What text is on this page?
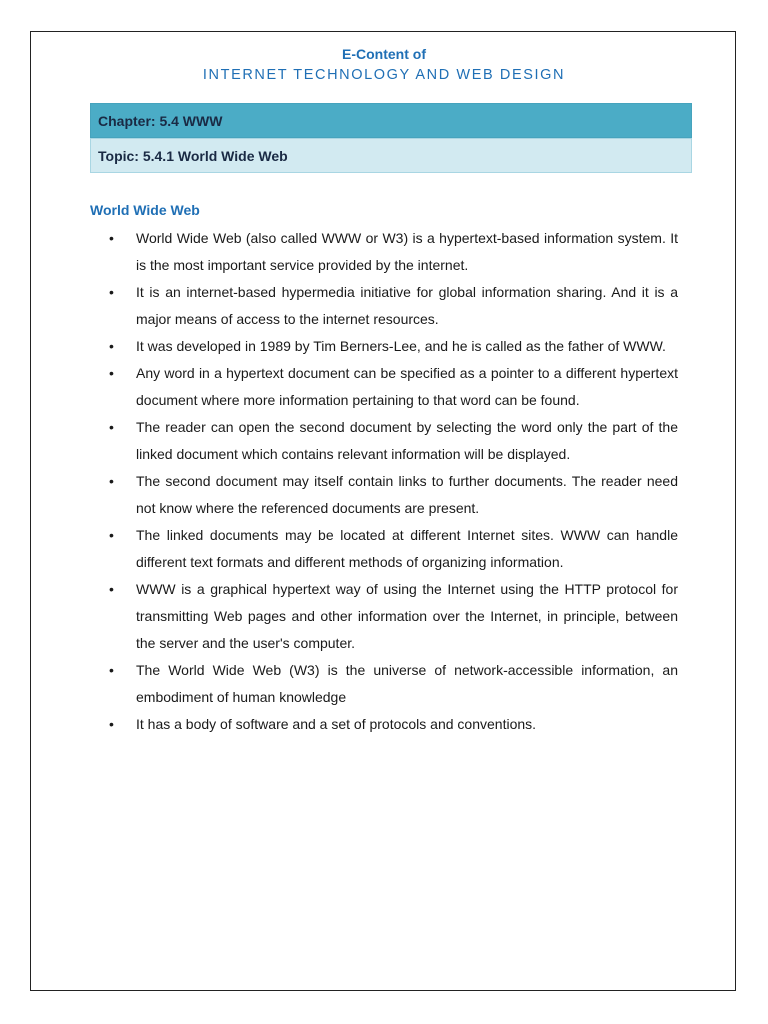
E-Content of
INTERNET TECHNOLOGY AND WEB DESIGN
Chapter: 5.4 WWW
Topic: 5.4.1 World Wide Web
World Wide Web
• World Wide Web (also called WWW or W3) is a hypertext-based information system. It is the most important service provided by the internet.
• It is an internet-based hypermedia initiative for global information sharing. And it is a major means of access to the internet resources.
• It was developed in 1989 by Tim Berners-Lee, and he is called as the father of WWW.
• Any word in a hypertext document can be specified as a pointer to a different hypertext document where more information pertaining to that word can be found.
• The reader can open the second document by selecting the word only the part of the linked document which contains relevant information will be displayed.
• The second document may itself contain links to further documents. The reader need not know where the referenced documents are present.
• The linked documents may be located at different Internet sites. WWW can handle different text formats and different methods of organizing information.
• WWW is a graphical hypertext way of using the Internet using the HTTP protocol for transmitting Web pages and other information over the Internet, in principle, between the server and the user's computer.
• The World Wide Web (W3) is the universe of network-accessible information, an embodiment of human knowledge
• It has a body of software and a set of protocols and conventions.
